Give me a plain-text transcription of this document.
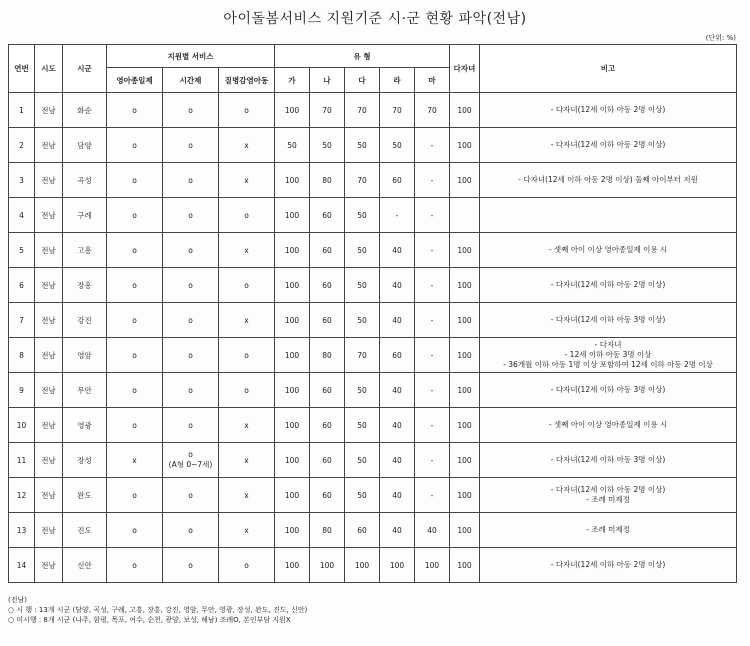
아이돌봄서비스 지원기준 시·군 현황 파악(전남)
(단위: %)
연번	시도	시군	지원별 서비스			유 형					다자녀	비고
			영아종일제	시간제	질병감염아동	가	나	다	라	마		
1	전남	화순	o	o	o	100	70	70	70	70	100	- 다자녀(12세 이하 아동 2명 이상)

2	전남	담양	o	o	x	50	50	50	50	-	100	- 다자녀(12세 이하 아동 2명 이상)

3	전남	곡성	o	o	x	100	80	70	60	-	100	- 다자녀(12세 이하 아동 2명 이상) 둘째 아이부터 지원

4	전남	구례	o	o	o	100	60	50	-	-		
5	전남	고흥	o	o	x	100	60	50	40	-	100	- 셋째 아이 이상 영아종일제 이용 시

6	전남	장흥	o	o	o	100	60	50	40	-	100	- 다자녀(12세 이하 아동 2명 이상)

7	전남	강진	o	o	x	100	60	50	40	-	100	- 다자녀(12세 이하 아동 3명 이상)

8	전남	영암	o	o	o	100	80	70	60	-	100	- 다자녀
- 12세 이하 아동 3명 이상
- 36개월 이하 아동 1명 이상 포함하여 12세 이하 아동 2명 이상

9	전남	무안	o	o	o	100	60	50	40	-	100	- 다자녀(12세 이하 아동 3명 이상)

10	전남	영광	o	o	x	100	60	50	40	-	100	- 셋째 아이 이상 영아종일제 이용 시

11	전남	장성	x	o
(A형 0~7세)	x	100	60	50	40	-	100	- 다자녀(12세 이하 아동 3명 이상)

12	전남	완도	o	o	x	100	60	50	40	-	100	- 다자녀(12세 이하 아동 2명 이상)
- 조례 미제정

13	전남	진도	o	o	x	100	80	60	40	40	100	- 조례 미제정

14	전남	신안	o	o	o	100	100	100	100	100	100	- 다자녀(12세 이하 아동 2명 이상)
(전남)
○ 시 행 : 13개 시군 (담양, 곡성, 구례, 고흥, 장흥, 강진, 영암, 무안, 영광, 장성, 완도, 진도, 신안)
○ 미시행 : 8개 시군 (나주, 함평, 목포, 여수, 순천, 광양, 보성, 해남) 조례O, 본인부담 지원X
